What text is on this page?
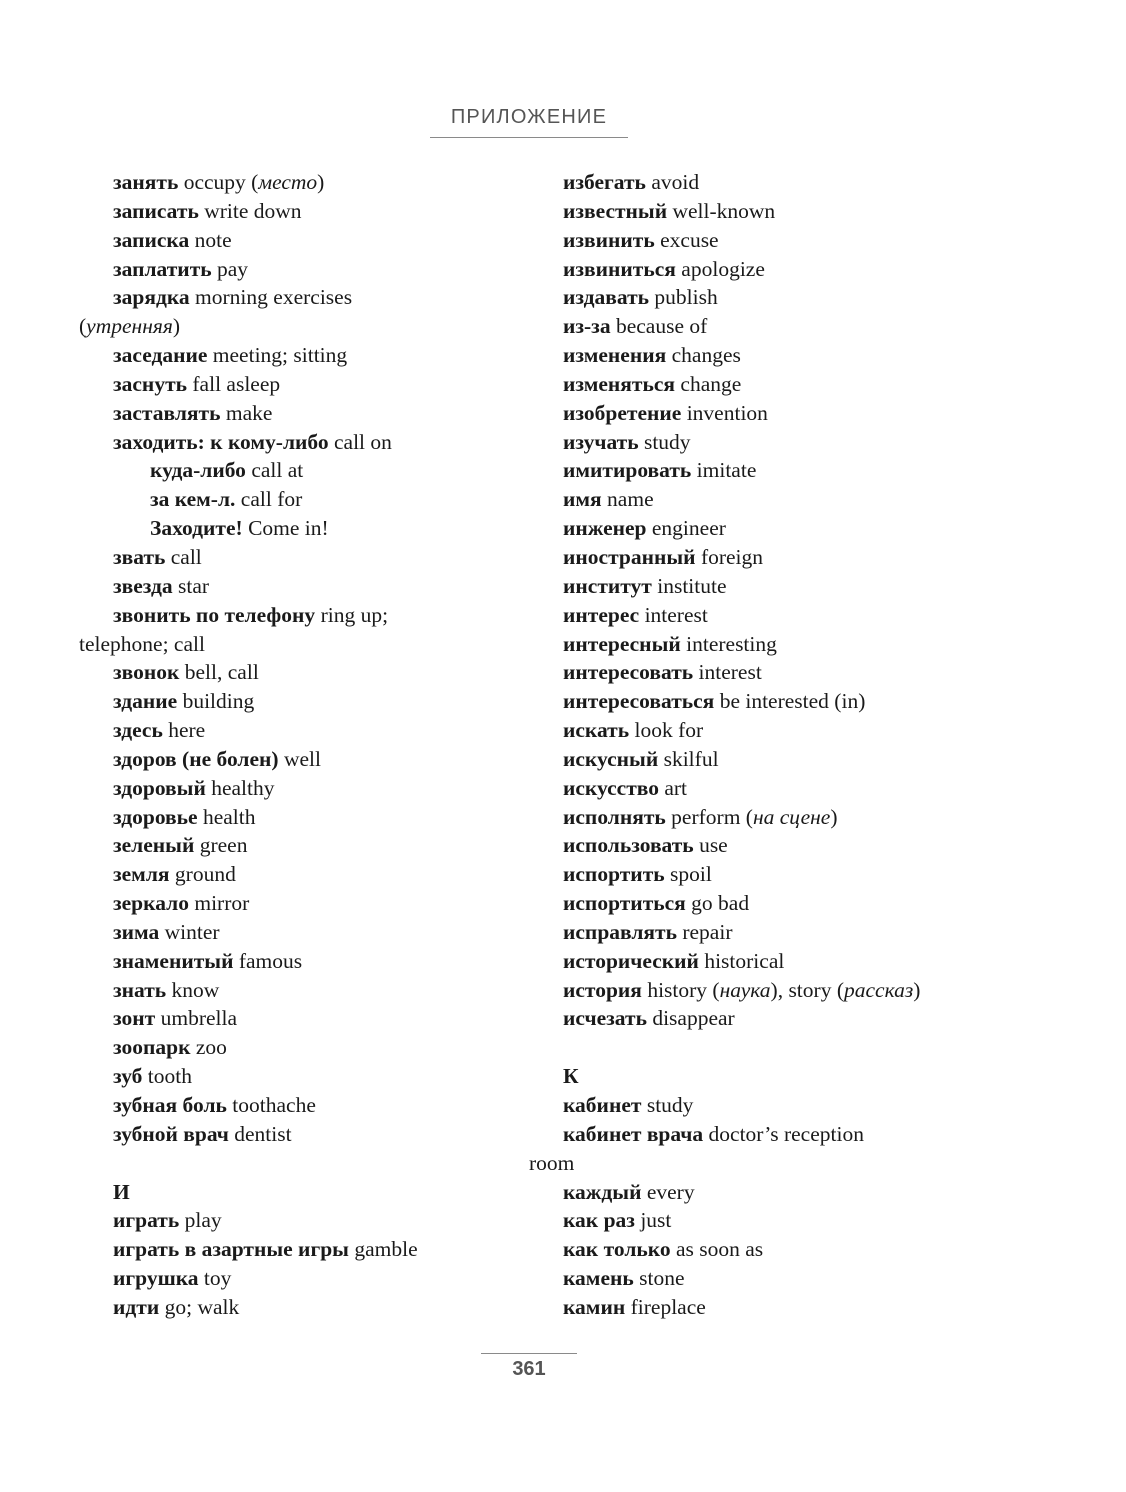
ПРИЛОЖЕНИЕ
занять occupy (место)
записать write down
записка note
заплатить pay
зарядка morning exercises
(утренняя)
заседание meeting; sitting
заснуть fall asleep
заставлять make
заходить: к кому-либо call on
куда-либо call at
за кем-л. call for
Заходите! Come in!
звать call
звезда star
звонить по телефону ring up;
telephone; call
звонок bell, call
здание building
здесь here
здоров (не болен) well
здоровый healthy
здоровье health
зеленый green
земля ground
зеркало mirror
зима winter
знаменитый famous
знать know
зонт umbrella
зоопарк zoo
зуб tooth
зубная боль toothache
зубной врач dentist
И
играть play
играть в азартные игры gamble
игрушка toy
идти go; walk
избегать avoid
известный well-known
извинить excuse
извиниться apologize
издавать publish
из-за because of
изменения changes
изменяться change
изобретение invention
изучать study
имитировать imitate
имя name
инженер engineer
иностранный foreign
институт institute
интерес interest
интересный interesting
интересовать interest
интересоваться be interested (in)
искать look for
искусный skilful
искусство art
исполнять perform (на сцене)
использовать use
испортить spoil
испортиться go bad
исправлять repair
исторический historical
история history (наука), story (рассказ)
исчезать disappear
К
кабинет study
кабинет врача doctor’s reception
room
каждый every
как раз just
как только as soon as
камень stone
камин fireplace
361
